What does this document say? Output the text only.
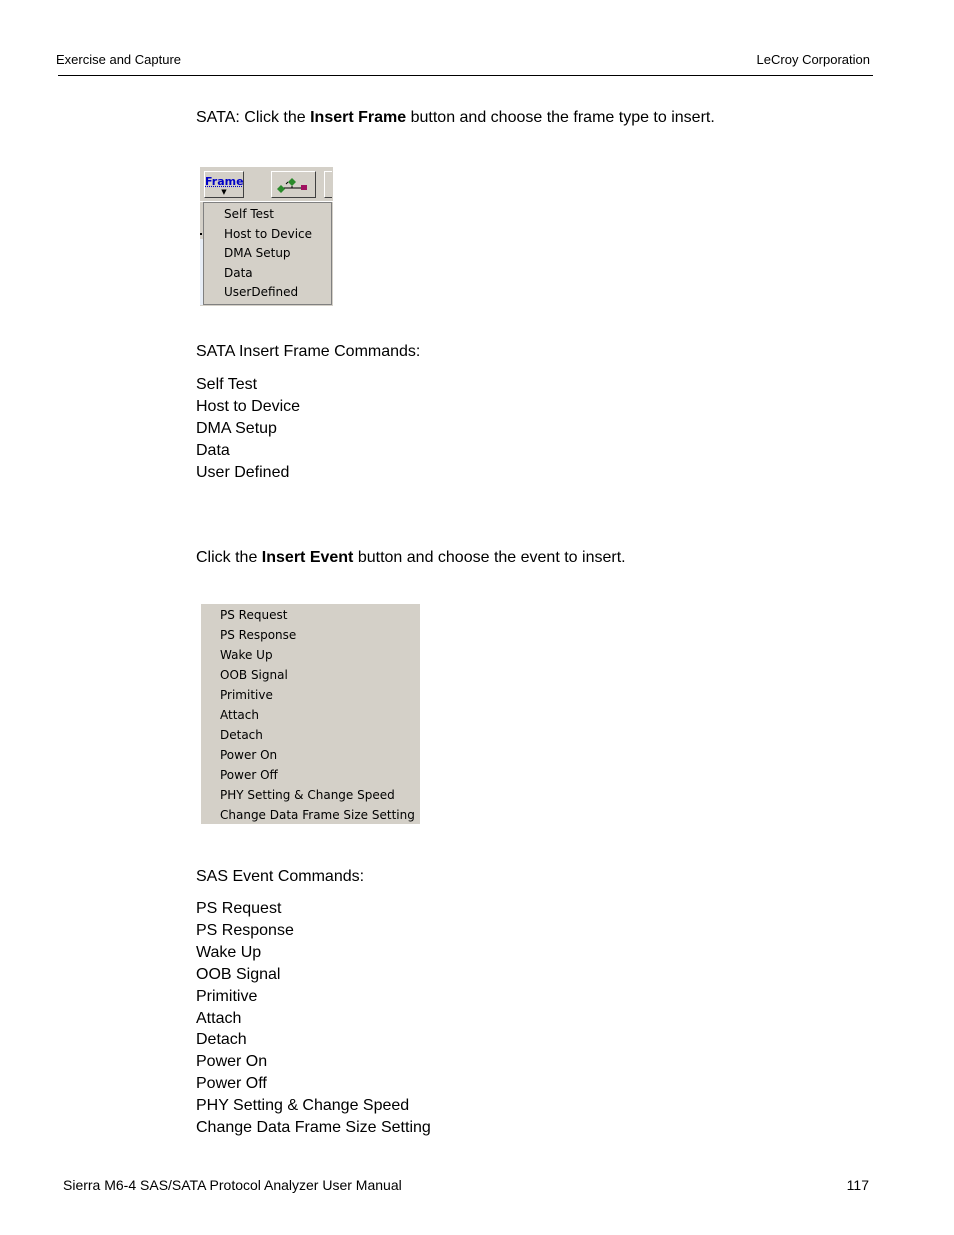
Exercise and Capture	LeCroy Corporation
SATA: Click the Insert Frame button and choose the frame type to insert.
Frame
▼
Self Test
Host to Device
DMA Setup
Data
UserDefined
SATA Insert Frame Commands:
Self Test
Host to Device
DMA Setup
Data
User Defined
Click the Insert Event button and choose the event to insert.
PS Request
PS Response
Wake Up
OOB Signal
Primitive
Attach
Detach
Power On
Power Off
PHY Setting & Change Speed
Change Data Frame Size Setting
SAS Event Commands:
PS Request
PS Response
Wake Up
OOB Signal
Primitive
Attach
Detach
Power On
Power Off
PHY Setting & Change Speed
Change Data Frame Size Setting
Sierra M6-4 SAS/SATA Protocol Analyzer User Manual	117
